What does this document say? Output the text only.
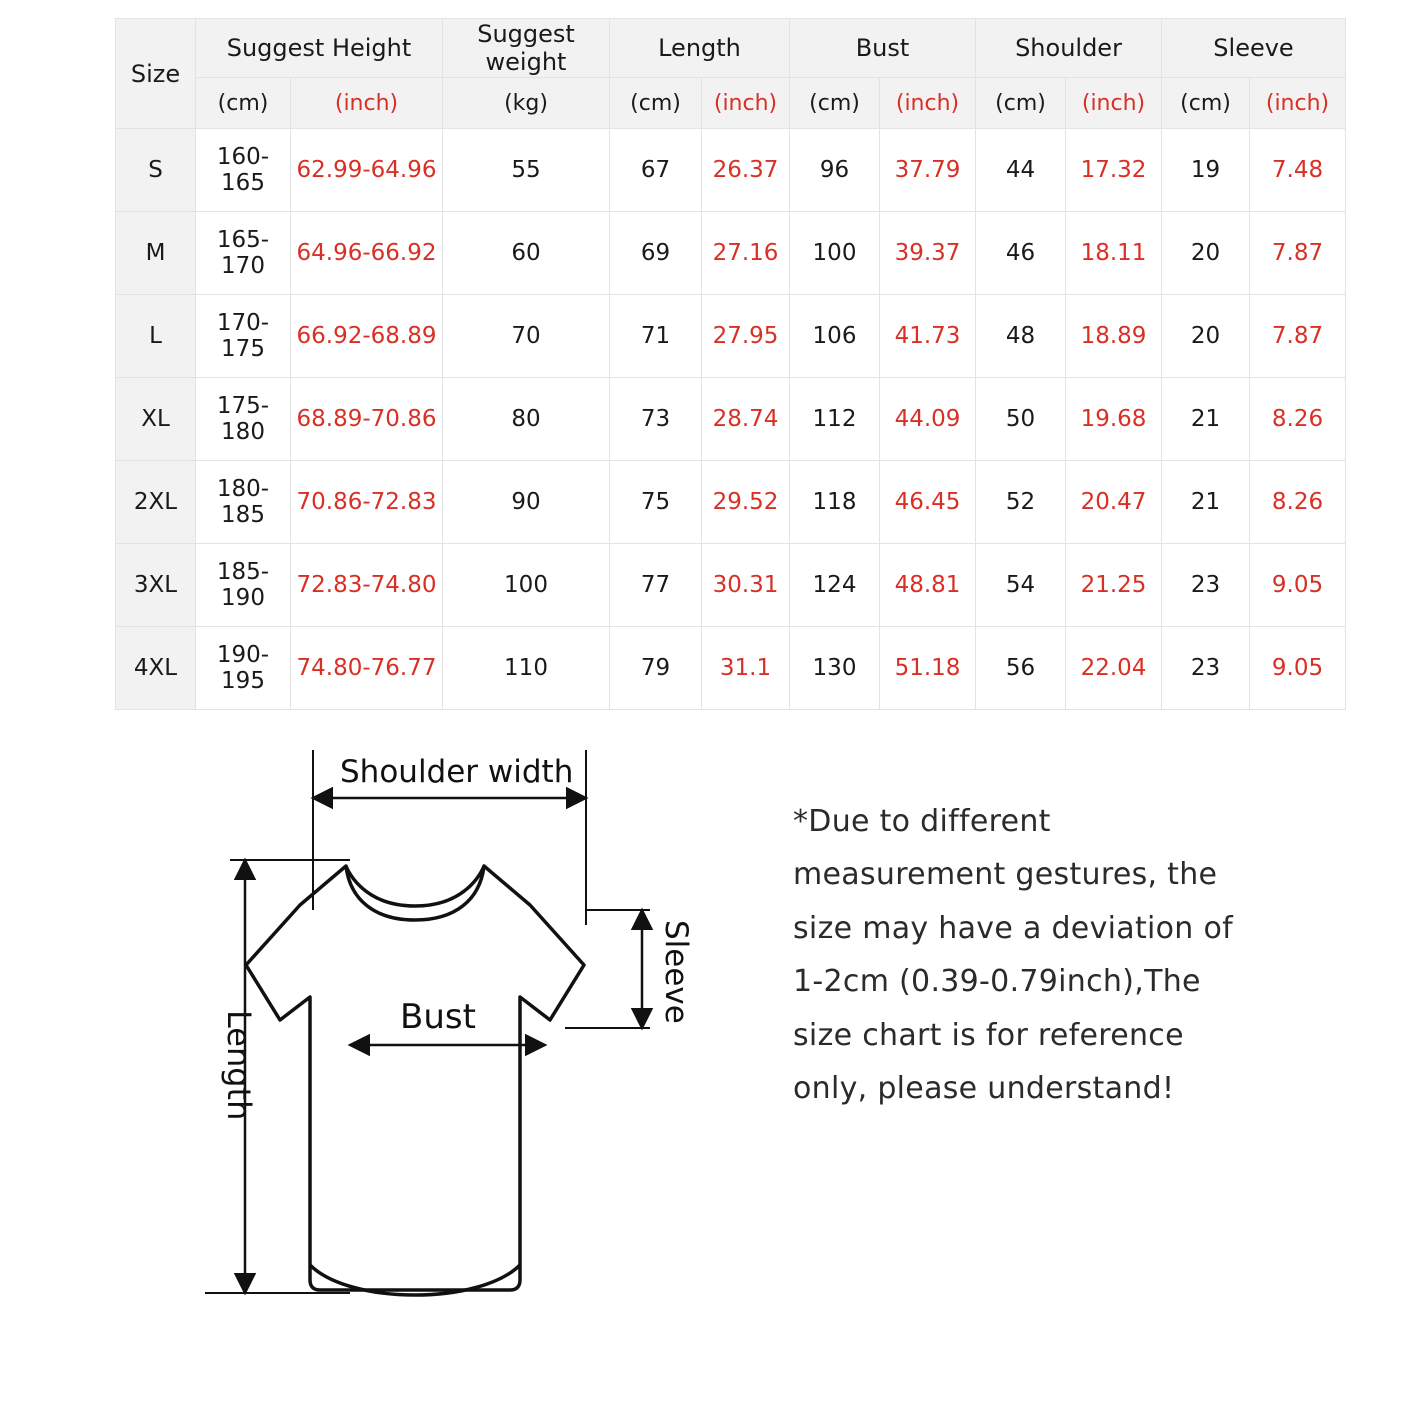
Size	Suggest Height		Suggest weight	Length		Bust		Shoulder		Sleeve	
	(cm)	(inch)	(kg)	(cm)	(inch)	(cm)	(inch)	(cm)	(inch)	(cm)	(inch)
S	160-165	62.99-64.96	55	67	26.37	96	37.79	44	17.32	19	7.48
M	165-170	64.96-66.92	60	69	27.16	100	39.37	46	18.11	20	7.87
L	170-175	66.92-68.89	70	71	27.95	106	41.73	48	18.89	20	7.87
XL	175-180	68.89-70.86	80	73	28.74	112	44.09	50	19.68	21	8.26
2XL	180-185	70.86-72.83	90	75	29.52	118	46.45	52	20.47	21	8.26
3XL	185-190	72.83-74.80	100	77	30.31	124	48.81	54	21.25	23	9.05
4XL	190-195	74.80-76.77	110	79	31.1	130	51.18	56	22.04	23	9.05
Shoulder width
Sleeve
Bust
Length

*Due to different measurement gestures, the size may have a deviation of 1-2cm (0.39-0.79inch),The size chart is for reference only, please understand!
